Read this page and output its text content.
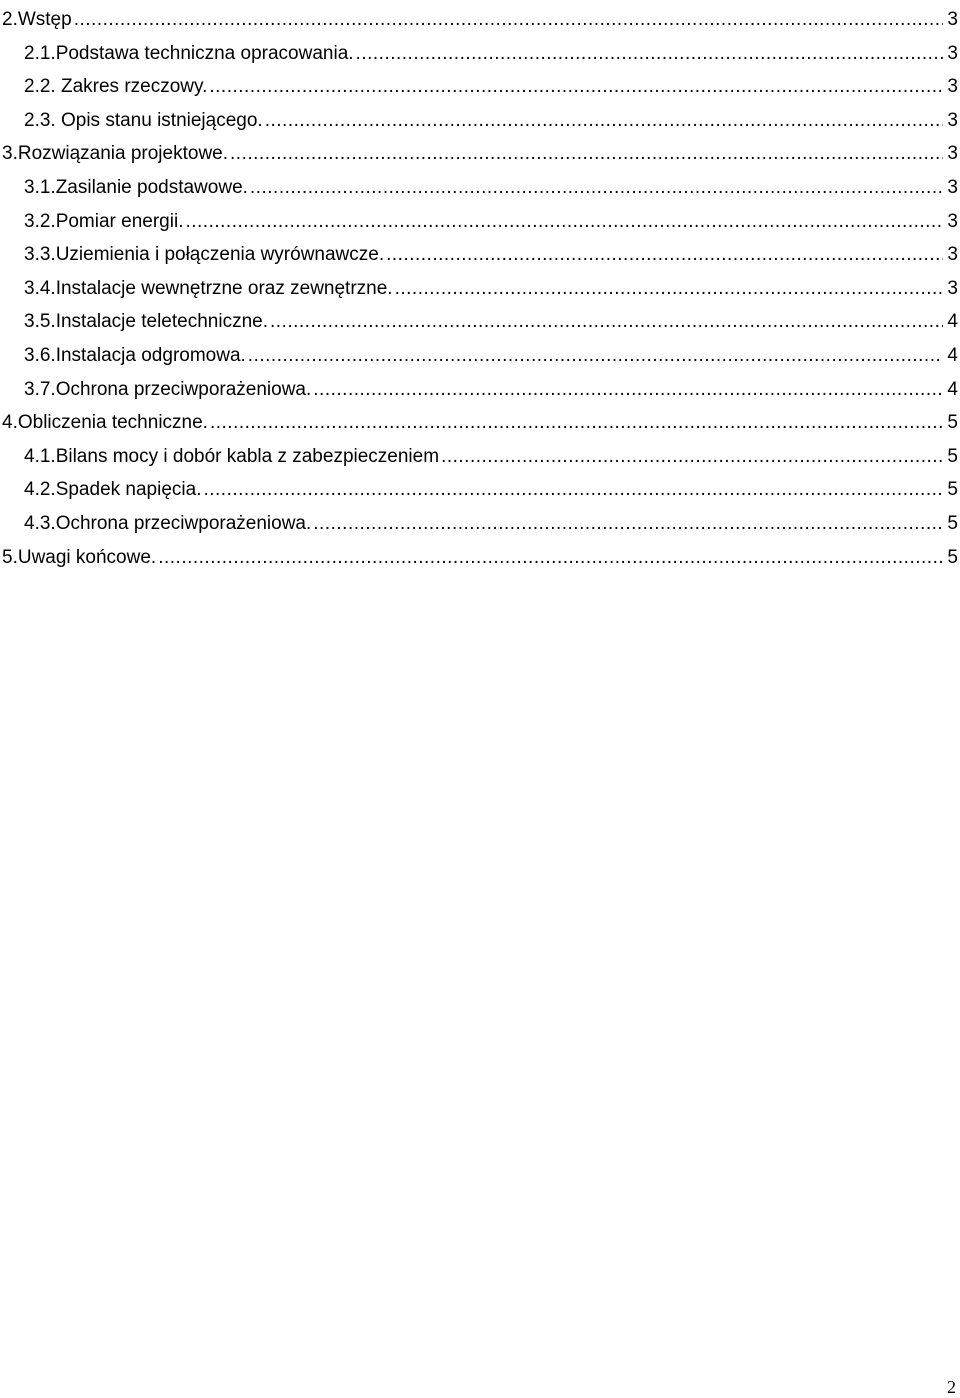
2.Wstęp .....	3
2.1.Podstawa techniczna opracowania. .....	3
2.2. Zakres rzeczowy. .....	3
2.3. Opis stanu istniejącego. .....	3
3.Rozwiązania projektowe. .....	3
3.1.Zasilanie podstawowe. .....	3
3.2.Pomiar energii. .....	3
3.3.Uziemienia i połączenia wyrównawcze. .....	3
3.4.Instalacje wewnętrzne oraz zewnętrzne. .....	3
3.5.Instalacje teletechniczne. .....	4
3.6.Instalacja odgromowa. .....	4
3.7.Ochrona przeciwporażeniowa. .....	4
4.Obliczenia techniczne. .....	5
4.1.Bilans mocy i dobór kabla z zabezpieczeniem .....	5
4.2.Spadek napięcia. .....	5
4.3.Ochrona przeciwporażeniowa. .....	5
5.Uwagi końcowe. .....	5
2
